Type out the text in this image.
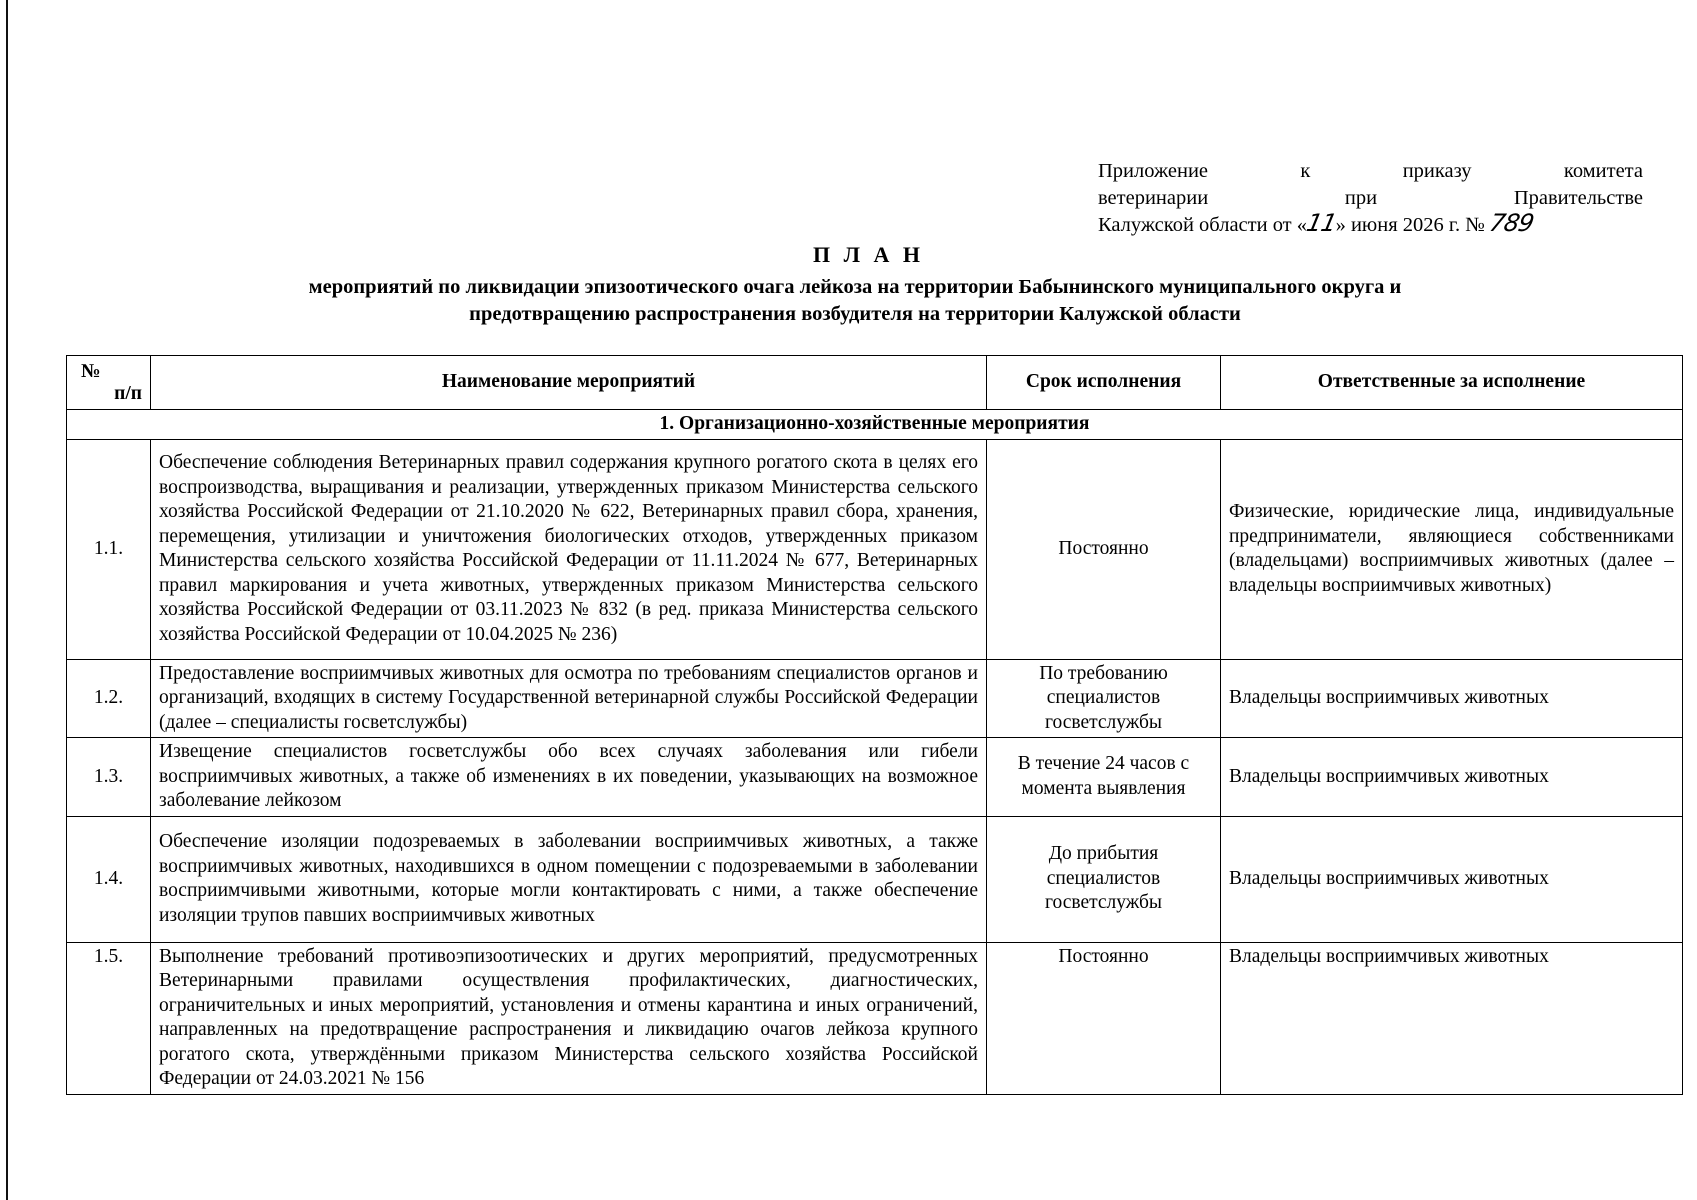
Приложение к приказу комитета
ветеринарии при Правительстве
Калужской области от «11» июня 2026 г. № 789
П Л А Н
мероприятий по ликвидации эпизоотического очага лейкоза на территории Бабынинского муниципального округа и
предотвращению распространения возбудителя на территории Калужской области
№
п/п	Наименование мероприятий	Срок исполнения	Ответственные за исполнение
1. Организационно-хозяйственные мероприятия			
1.1.	Обеспечение соблюдения Ветеринарных правил содержания крупного рогатого скота в целях его воспроизводства, выращивания и реализации, утвержденных приказом Министерства сельского хозяйства Российской Федерации от 21.10.2020 № 622, Ветеринарных правил сбора, хранения, перемещения, утилизации и уничтожения биологических отходов, утвержденных приказом Министерства сельского хозяйства Российской Федерации от 11.11.2024 № 677, Ветеринарных правил маркирования и учета животных, утвержденных приказом Министерства сельского хозяйства Российской Федерации от 03.11.2023 № 832 (в ред. приказа Министерства сельского хозяйства Российской Федерации от 10.04.2025 № 236)	Постоянно	Физические, юридические лица, индивидуальные предприниматели, являющиеся собственниками (владельцами) восприимчивых животных (далее – владельцы восприимчивых животных)
1.2.	Предоставление восприимчивых животных для осмотра по требованиям специалистов органов и организаций, входящих в систему Государственной ветеринарной службы Российской Федерации (далее – специалисты госветслужбы)	По требованию специалистов госветслужбы	Владельцы восприимчивых животных
1.3.	Извещение специалистов госветслужбы обо всех случаях заболевания или гибели восприимчивых животных, а также об изменениях в их поведении, указывающих на возможное заболевание лейкозом	В течение 24 часов с момента выявления	Владельцы восприимчивых животных
1.4.	Обеспечение изоляции подозреваемых в заболевании восприимчивых животных, а также восприимчивых животных, находившихся в одном помещении с подозреваемыми в заболевании восприимчивыми животными, которые могли контактировать с ними, а также обеспечение изоляции трупов павших восприимчивых животных	До прибытия специалистов госветслужбы	Владельцы восприимчивых животных
1.5.	Выполнение требований противоэпизоотических и других мероприятий, предусмотренных Ветеринарными правилами осуществления профилактических, диагностических, ограничительных и иных мероприятий, установления и отмены карантина и иных ограничений, направленных на предотвращение распространения и ликвидацию очагов лейкоза крупного рогатого скота, утверждёнными приказом Министерства сельского хозяйства Российской Федерации от 24.03.2021 № 156	Постоянно	Владельцы восприимчивых животных
